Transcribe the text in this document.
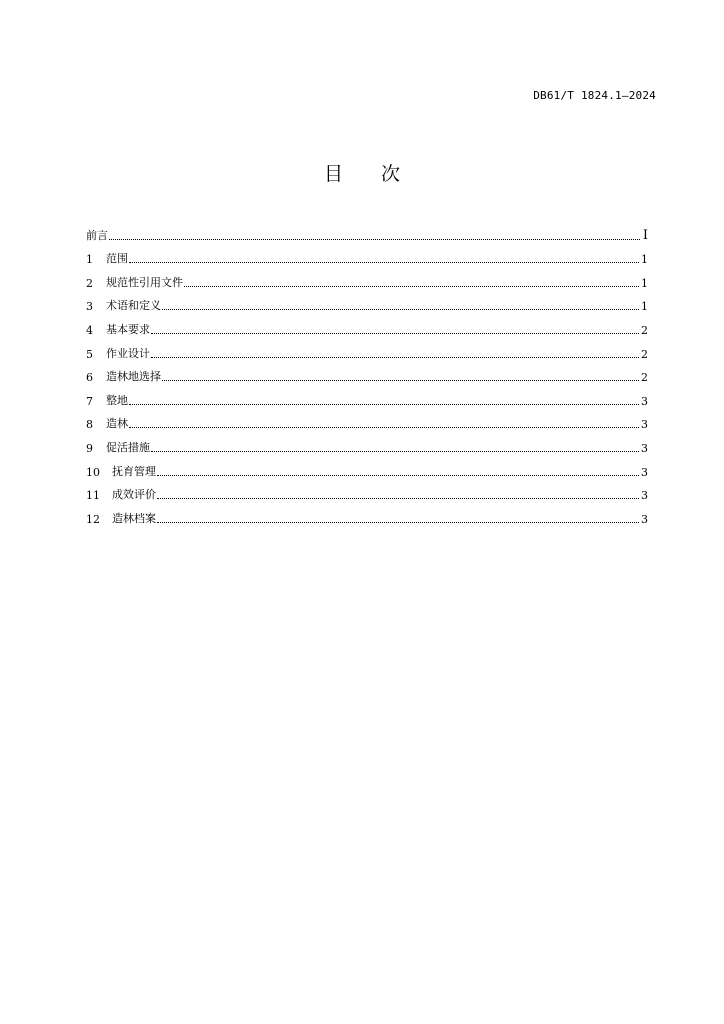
DB61/T 1824.1—2024
目 次
前言	Ⅰ
1	范围	1
2	规范性引用文件	1
3	术语和定义	1
4	基本要求	2
5	作业设计	2
6	造林地选择	2
7	整地	3
8	造林	3
9	促活措施	3
10	抚育管理	3
11	成效评价	3
12	造林档案	3
